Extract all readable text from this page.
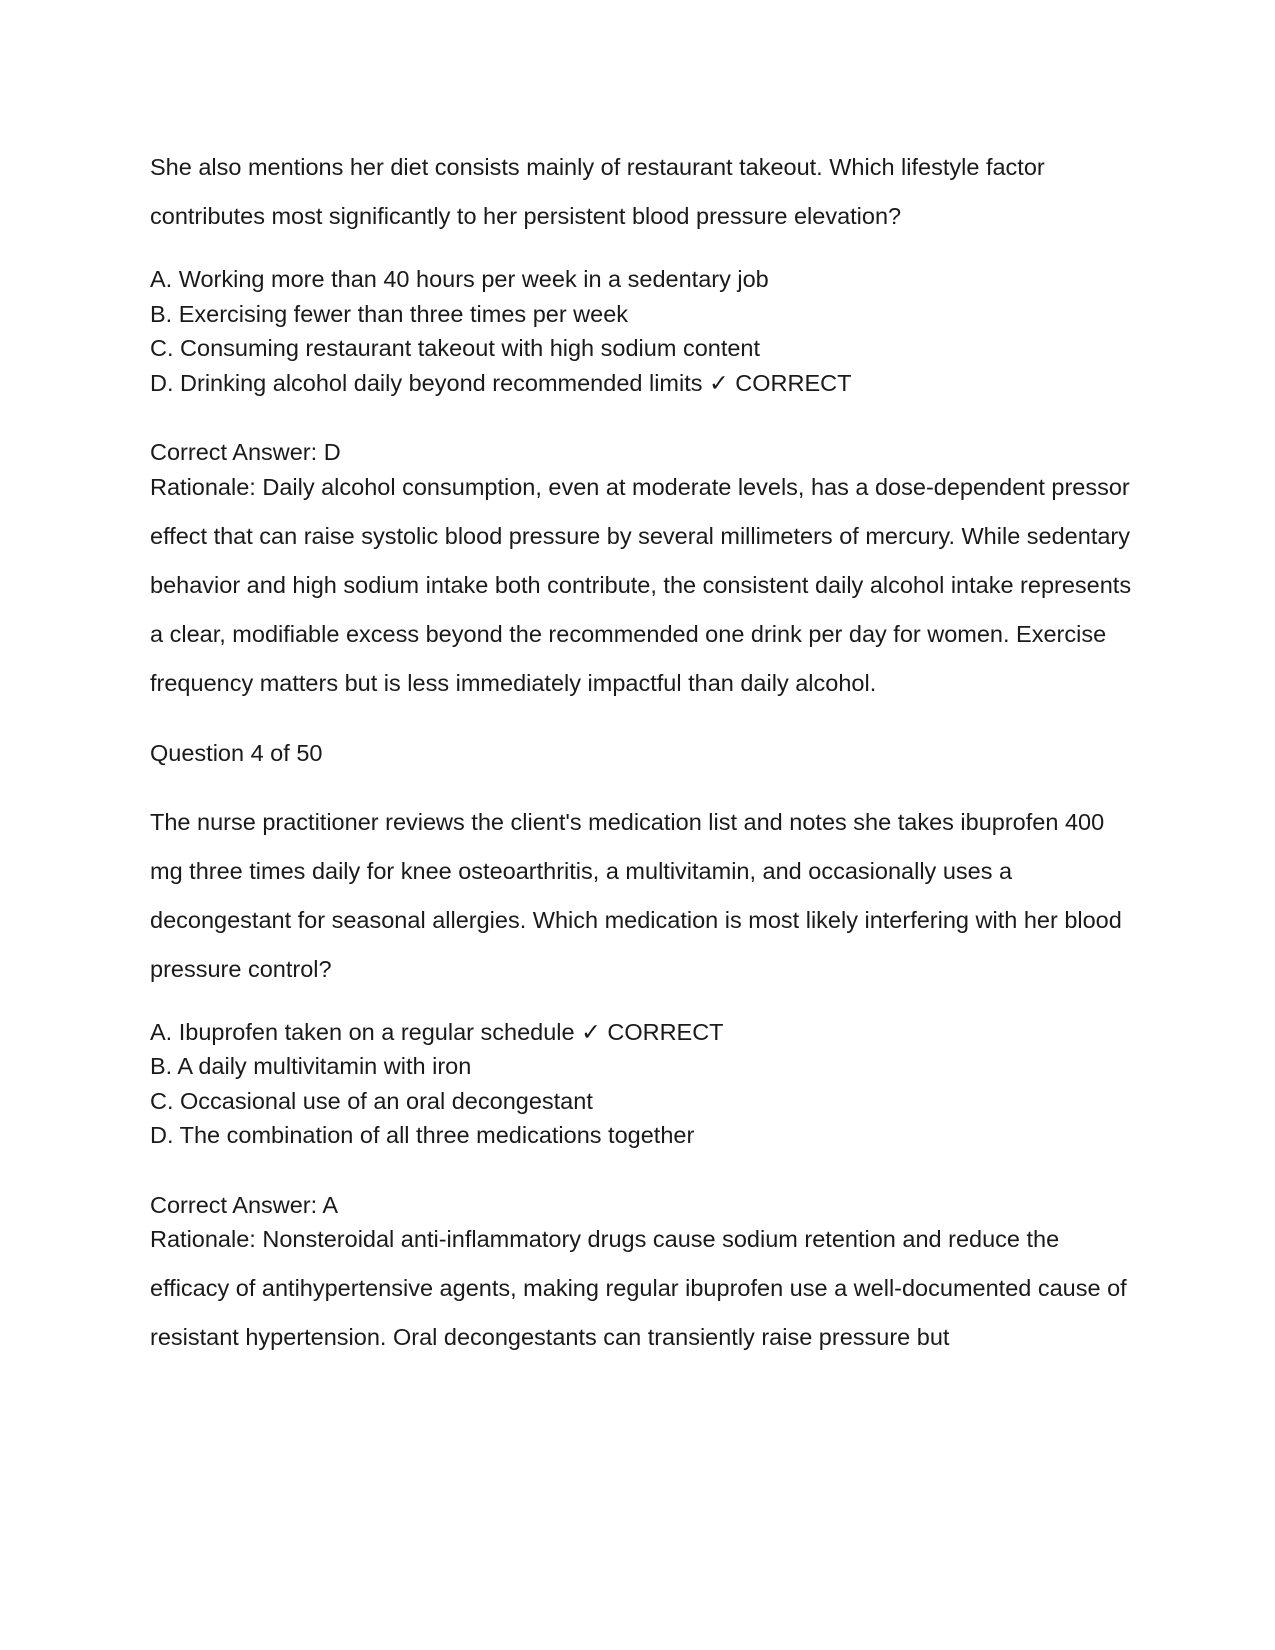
She also mentions her diet consists mainly of restaurant takeout. Which lifestyle factor contributes most significantly to her persistent blood pressure elevation?

A. Working more than 40 hours per week in a sedentary job
B. Exercising fewer than three times per week
C. Consuming restaurant takeout with high sodium content
D. Drinking alcohol daily beyond recommended limits ✓ CORRECT

Correct Answer: D

Rationale: Daily alcohol consumption, even at moderate levels, has a dose-dependent pressor effect that can raise systolic blood pressure by several millimeters of mercury. While sedentary behavior and high sodium intake both contribute, the consistent daily alcohol intake represents a clear, modifiable excess beyond the recommended one drink per day for women. Exercise frequency matters but is less immediately impactful than daily alcohol.

Question 4 of 50

The nurse practitioner reviews the client's medication list and notes she takes ibuprofen 400 mg three times daily for knee osteoarthritis, a multivitamin, and occasionally uses a decongestant for seasonal allergies. Which medication is most likely interfering with her blood pressure control?

A. Ibuprofen taken on a regular schedule ✓ CORRECT
B. A daily multivitamin with iron
C. Occasional use of an oral decongestant
D. The combination of all three medications together

Correct Answer: A

Rationale: Nonsteroidal anti-inflammatory drugs cause sodium retention and reduce the efficacy of antihypertensive agents, making regular ibuprofen use a well-documented cause of resistant hypertension. Oral decongestants can transiently raise pressure but
